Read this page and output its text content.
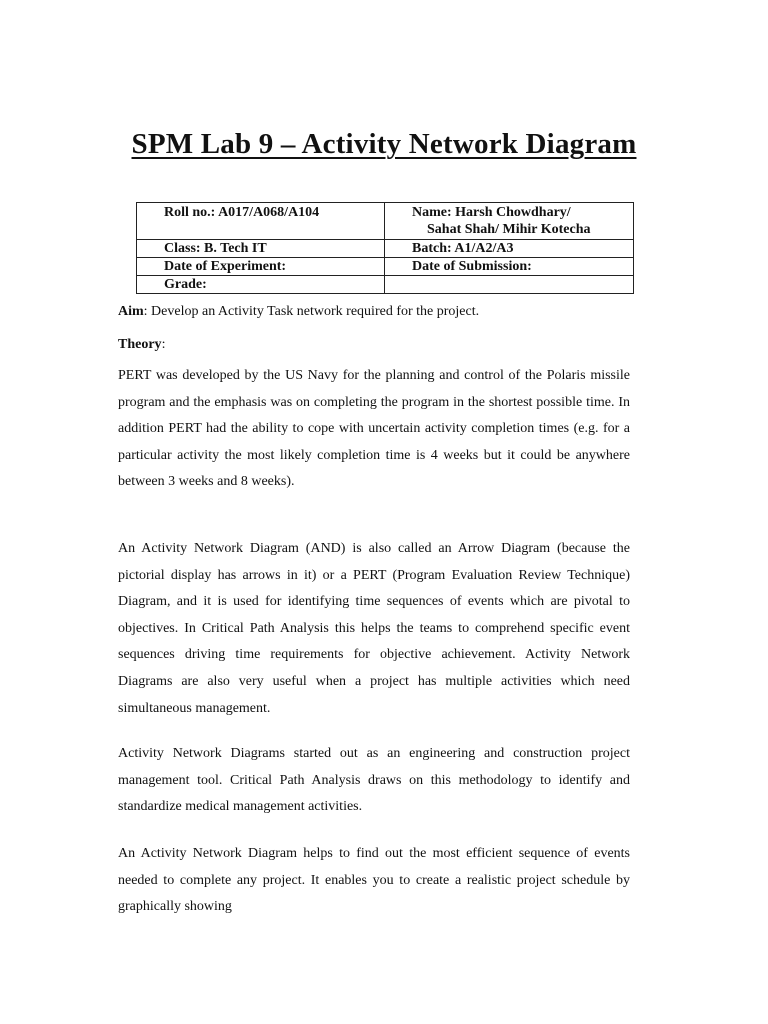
SPM Lab 9 – Activity Network Diagram
Roll no.: A017/A068/A104	Name: Harsh Chowdhary/
Sahat Shah/ Mihir Kotecha

Class: B. Tech IT	Batch: A1/A2/A3
Date of Experiment:	Date of Submission:
Grade:	

Aim: Develop an Activity Task network required for the project.

Theory:

PERT was developed by the US Navy for the planning and control of the Polaris missile program and the emphasis was on completing the program in the shortest possible time. In addition PERT had the ability to cope with uncertain activity completion times (e.g. for a particular activity the most likely completion time is 4 weeks but it could be anywhere between 3 weeks and 8 weeks).

An Activity Network Diagram (AND) is also called an Arrow Diagram (because the pictorial display has arrows in it) or a PERT (Program Evaluation Review Technique) Diagram, and it is used for identifying time sequences of events which are pivotal to objectives. In Critical Path Analysis this helps the teams to comprehend specific event sequences driving time requirements for objective achievement. Activity Network Diagrams are also very useful when a project has multiple activities which need simultaneous management.

Activity Network Diagrams started out as an engineering and construction project management tool. Critical Path Analysis draws on this methodology to identify and standardize medical management activities.

An Activity Network Diagram helps to find out the most efficient sequence of events needed to complete any project. It enables you to create a realistic project schedule by graphically showing
